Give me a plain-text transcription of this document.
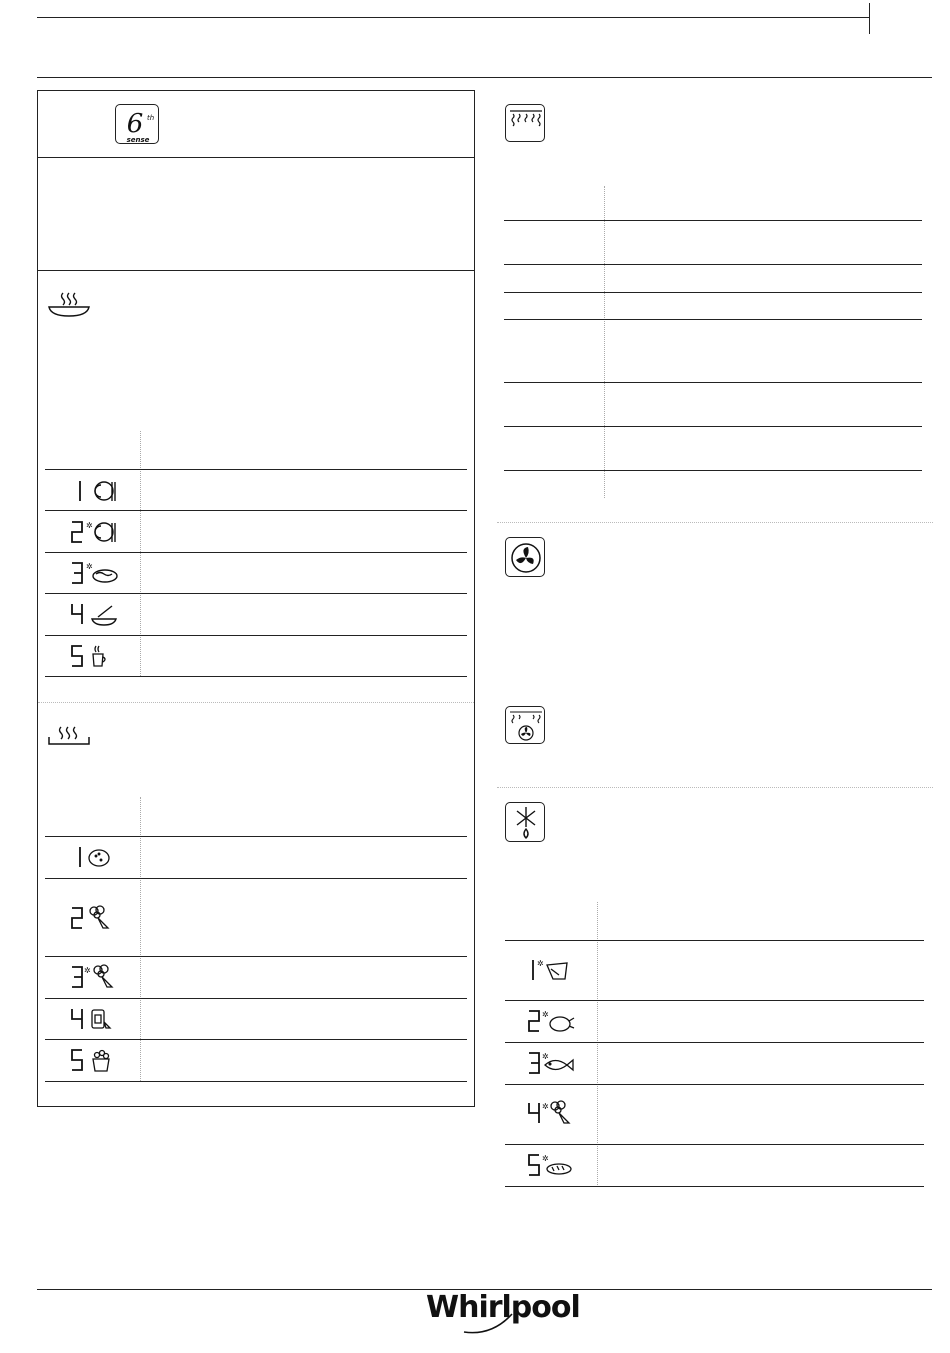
6 th
sense
✲
✲
✲
✲
✲
✲
✲
✲
Whirlpool
